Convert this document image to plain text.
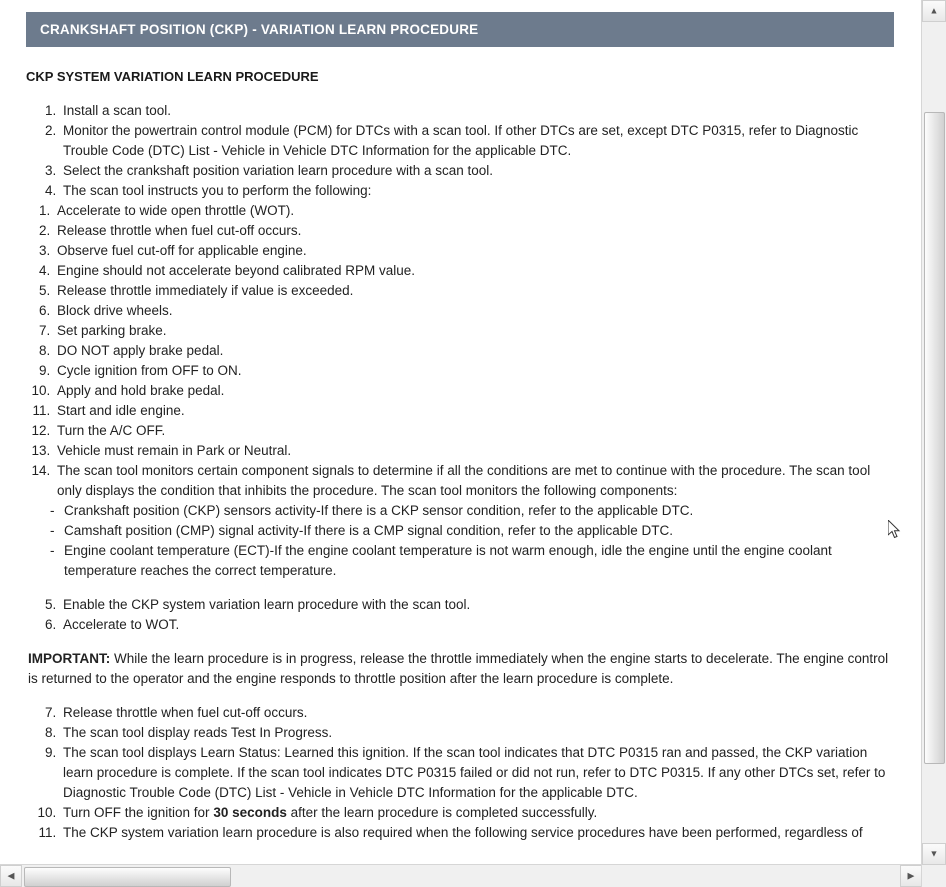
CRANKSHAFT POSITION (CKP) - VARIATION LEARN PROCEDURE
CKP SYSTEM VARIATION LEARN PROCEDURE
1. Install a scan tool.
2. Monitor the powertrain control module (PCM) for DTCs with a scan tool. If other DTCs are set, except DTC P0315, refer to Diagnostic Trouble Code (DTC) List - Vehicle in Vehicle DTC Information for the applicable DTC.
3. Select the crankshaft position variation learn procedure with a scan tool.
4. The scan tool instructs you to perform the following:
1. Accelerate to wide open throttle (WOT).
2. Release throttle when fuel cut-off occurs.
3. Observe fuel cut-off for applicable engine.
4. Engine should not accelerate beyond calibrated RPM value.
5. Release throttle immediately if value is exceeded.
6. Block drive wheels.
7. Set parking brake.
8. DO NOT apply brake pedal.
9. Cycle ignition from OFF to ON.
10. Apply and hold brake pedal.
11. Start and idle engine.
12. Turn the A/C OFF.
13. Vehicle must remain in Park or Neutral.
14. The scan tool monitors certain component signals to determine if all the conditions are met to continue with the procedure. The scan tool only displays the condition that inhibits the procedure. The scan tool monitors the following components:
- Crankshaft position (CKP) sensors activity-If there is a CKP sensor condition, refer to the applicable DTC.
- Camshaft position (CMP) signal activity-If there is a CMP signal condition, refer to the applicable DTC.
- Engine coolant temperature (ECT)-If the engine coolant temperature is not warm enough, idle the engine until the engine coolant temperature reaches the correct temperature.
5. Enable the CKP system variation learn procedure with the scan tool.
6. Accelerate to WOT.

IMPORTANT: While the learn procedure is in progress, release the throttle immediately when the engine starts to decelerate. The engine control is returned to the operator and the engine responds to throttle position after the learn procedure is complete.

7. Release throttle when fuel cut-off occurs.
8. The scan tool display reads Test In Progress.
9. The scan tool displays Learn Status: Learned this ignition. If the scan tool indicates that DTC P0315 ran and passed, the CKP variation learn procedure is complete. If the scan tool indicates DTC P0315 failed or did not run, refer to DTC P0315. If any other DTCs set, refer to Diagnostic Trouble Code (DTC) List - Vehicle in Vehicle DTC Information for the applicable DTC.
10. Turn OFF the ignition for 30 seconds after the learn procedure is completed successfully.
11. The CKP system variation learn procedure is also required when the following service procedures have been performed, regardless of
◀	▶
▲
▼
